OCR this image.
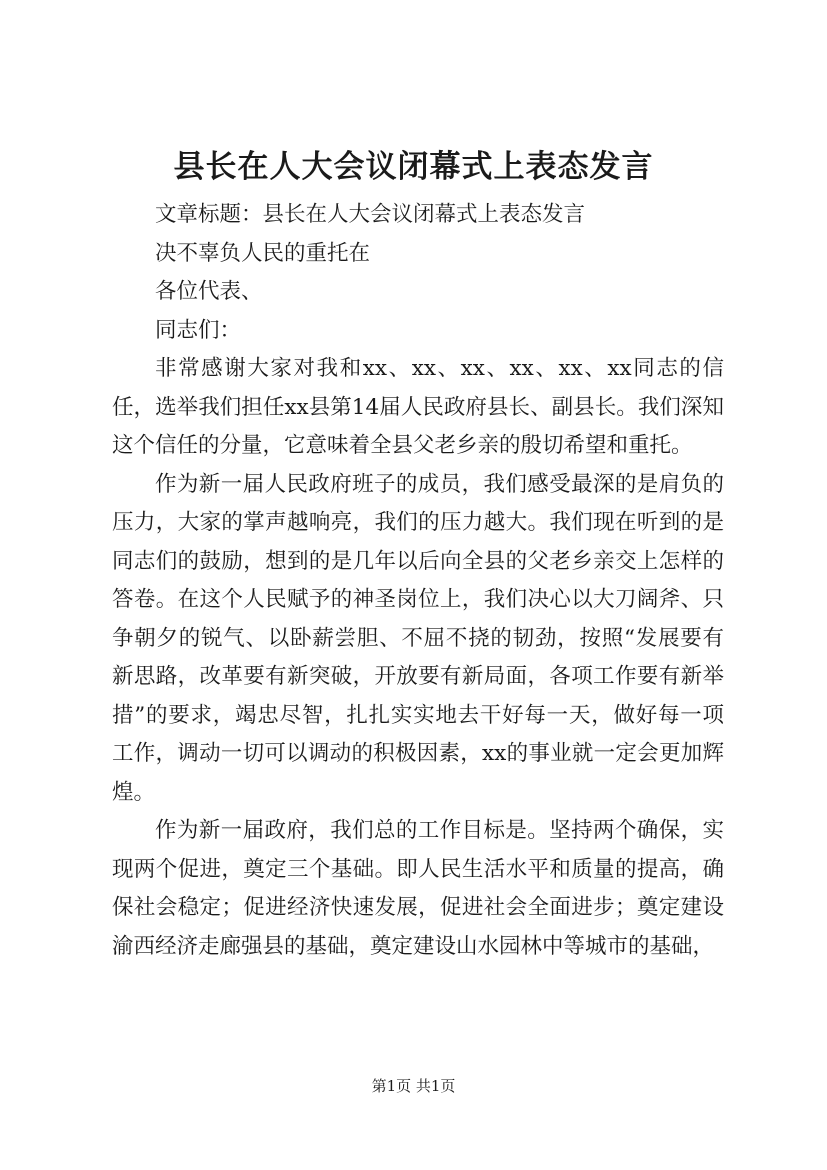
县长在人大会议闭幕式上表态发言

文章标题：县长在人大会议闭幕式上表态发言

决不辜负人民的重托在

各位代表、

同志们：

非常感谢大家对我和xx、xx、xx、xx、xx、xx同志的信任，选举我们担任xx县第14届人民政府县长、副县长。我们深知这个信任的分量，它意味着全县父老乡亲的殷切希望和重托。

作为新一届人民政府班子的成员，我们感受最深的是肩负的压力，大家的掌声越响亮，我们的压力越大。我们现在听到的是同志们的鼓励，想到的是几年以后向全县的父老乡亲交上怎样的答卷。在这个人民赋予的神圣岗位上，我们决心以大刀阔斧、只争朝夕的锐气、以卧薪尝胆、不屈不挠的韧劲，按照“发展要有新思路，改革要有新突破，开放要有新局面，各项工作要有新举措”的要求，竭忠尽智，扎扎实实地去干好每一天，做好每一项工作，调动一切可以调动的积极因素，xx的事业就一定会更加辉煌。

作为新一届政府，我们总的工作目标是。坚持两个确保，实现两个促进，奠定三个基础。即人民生活水平和质量的提高，确保社会稳定；促进经济快速发展，促进社会全面进步；奠定建设渝西经济走廊强县的基础，奠定建设山水园林中等城市的基础，

第1页 共1页
